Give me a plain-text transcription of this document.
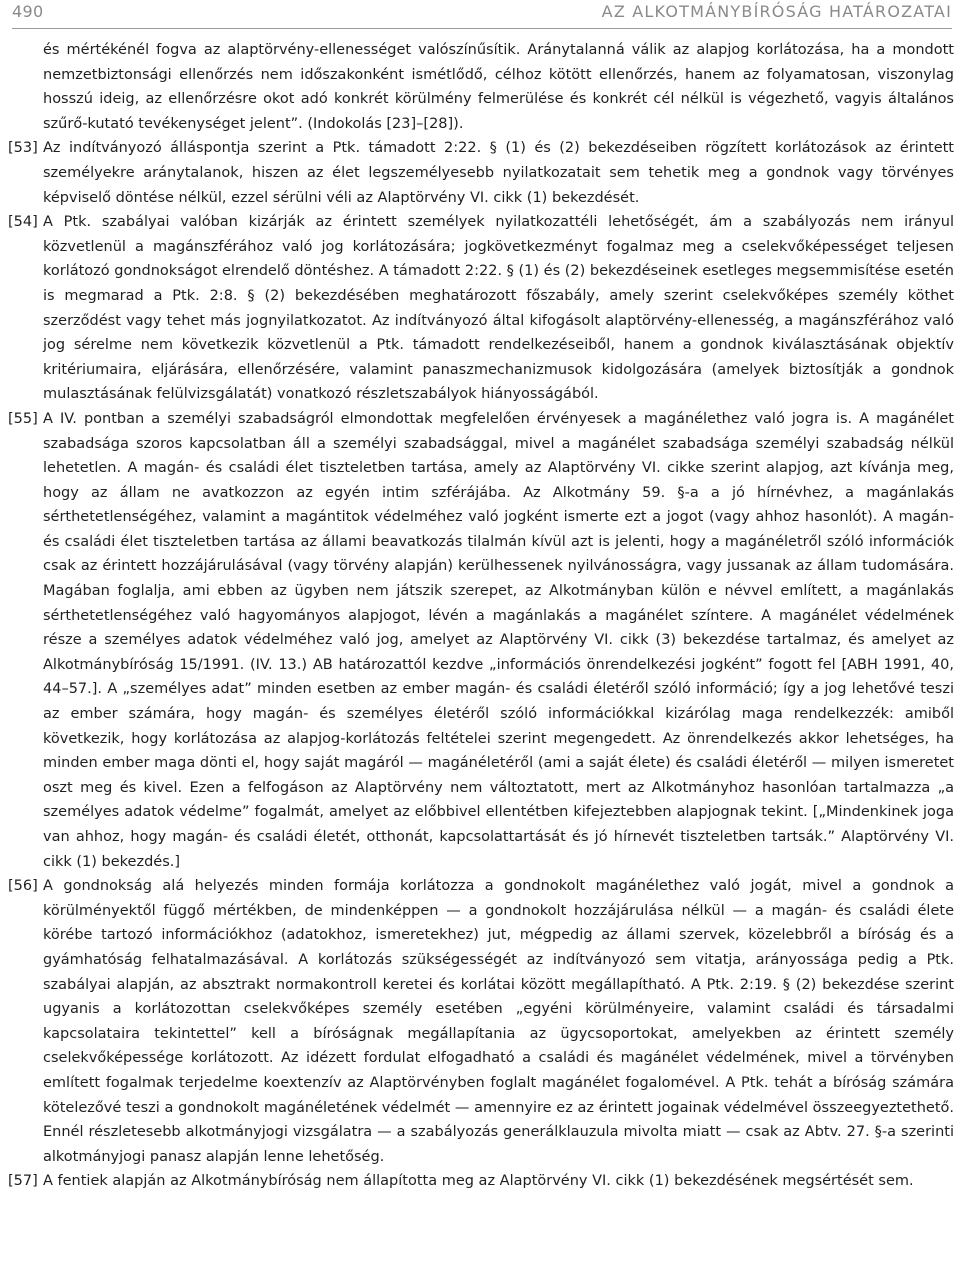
490	AZ ALKOTMÁNYBÍRÓSÁG HATÁROZATAI
és mértékénél fogva az alaptörvény-ellenességet valószínűsítik. Aránytalanná válik az alapjog korlátozása, ha a mondott nemzetbiztonsági ellenőrzés nem időszakonként ismétlődő, célhoz kötött ellenőrzés, hanem az folyamatosan, viszonylag hosszú ideig, az ellenőrzésre okot adó konkrét körülmény felmerülése és konkrét cél nélkül is végezhető, vagyis általános szűrő-kutató tevékenységet jelent”. (Indokolás [23]–[28]).
[53] Az indítványozó álláspontja szerint a Ptk. támadott 2:22. § (1) és (2) bekezdéseiben rögzített korlátozások az érintett személyekre aránytalanok, hiszen az élet legszemélyesebb nyilatkozatait sem tehetik meg a gondnok vagy törvényes képviselő döntése nélkül, ezzel sérülni véli az Alaptörvény VI. cikk (1) bekezdését.
[54] A Ptk. szabályai valóban kizárják az érintett személyek nyilatkozattéli lehetőségét, ám a szabályozás nem irányul közvetlenül a magánszférához való jog korlátozására; jogkövetkezményt fogalmaz meg a cselekvőképességet teljesen korlátozó gondnokságot elrendelő döntéshez. A támadott 2:22. § (1) és (2) bekezdéseinek esetleges megsemmisítése esetén is megmarad a Ptk. 2:8. § (2) bekezdésében meghatározott főszabály, amely szerint cselekvőképes személy köthet szerződést vagy tehet más jognyilatkozatot. Az indítványozó által kifogásolt alaptörvény-ellenesség, a magánszférához való jog sérelme nem következik közvetlenül a Ptk. támadott rendelkezéseiből, hanem a gondnok kiválasztásának objektív kritériumaira, eljárására, ellenőrzésére, valamint panaszmechanizmusok kidolgozására (amelyek biztosítják a gondnok mulasztásának felülvizsgálatát) vonatkozó részletszabályok hiányosságából.
[55] A IV. pontban a személyi szabadságról elmondottak megfelelően érvényesek a magánélethez való jogra is. A magánélet szabadsága szoros kapcsolatban áll a személyi szabadsággal, mivel a magánélet szabadsága személyi szabadság nélkül lehetetlen. A magán- és családi élet tiszteletben tartása, amely az Alaptörvény VI. cikke szerint alapjog, azt kívánja meg, hogy az állam ne avatkozzon az egyén intim szférájába. Az Alkotmány 59. §-a a jó hírnévhez, a magánlakás sérthetetlenségéhez, valamint a magántitok védelméhez való jogként ismerte ezt a jogot (vagy ahhoz hasonlót). A magán- és családi élet tiszteletben tartása az állami beavatkozás tilalmán kívül azt is jelenti, hogy a magánéletről szóló információk csak az érintett hozzájárulásával (vagy törvény alapján) kerülhessenek nyilvánosságra, vagy jussanak az állam tudomására. Magában foglalja, ami ebben az ügyben nem játszik szerepet, az Alkotmányban külön e névvel említett, a magánlakás sérthetetlenségéhez való hagyományos alapjogot, lévén a magánlakás a magánélet színtere. A magánélet védelmének része a személyes adatok védelméhez való jog, amelyet az Alaptörvény VI. cikk (3) bekezdése tartalmaz, és amelyet az Alkotmánybíróság 15/1991. (IV. 13.) AB határozattól kezdve „információs önrendelkezési jogként” fogott fel [ABH 1991, 40, 44–57.]. A „személyes adat” minden esetben az ember magán- és családi életéről szóló információ; így a jog lehetővé teszi az ember számára, hogy magán- és személyes életéről szóló információkkal kizárólag maga rendelkezzék: amiből következik, hogy korlátozása az alapjog-korlátozás feltételei szerint megengedett. Az önrendelkezés akkor lehetséges, ha minden ember maga dönti el, hogy saját magáról — magánéletéről (ami a saját élete) és családi életéről — milyen ismeretet oszt meg és kivel. Ezen a felfogáson az Alaptörvény nem változtatott, mert az Alkotmányhoz hasonlóan tartalmazza „a személyes adatok védelme” fogalmát, amelyet az előbbivel ellentétben kifejeztebben alapjognak tekint. [„Mindenkinek joga van ahhoz, hogy magán- és családi életét, otthonát, kapcsolattartását és jó hírnevét tiszteletben tartsák.” Alaptörvény VI. cikk (1) bekezdés.]
[56] A gondnokság alá helyezés minden formája korlátozza a gondnokolt magánélethez való jogát, mivel a gondnok a körülményektől függő mértékben, de mindenképpen — a gondnokolt hozzájárulása nélkül — a magán- és családi élete körébe tartozó információkhoz (adatokhoz, ismeretekhez) jut, mégpedig az állami szervek, közelebbről a bíróság és a gyámhatóság felhatalmazásával. A korlátozás szükségességét az indítványozó sem vitatja, arányossága pedig a Ptk. szabályai alapján, az absztrakt normakontroll keretei és korlátai között megállapítható. A Ptk. 2:19. § (2) bekezdése szerint ugyanis a korlátozottan cselekvőképes személy esetében „egyéni körülményeire, valamint családi és társadalmi kapcsolataira tekintettel” kell a bíróságnak megállapítania az ügycsoportokat, amelyekben az érintett személy cselekvőképessége korlátozott. Az idézett fordulat elfogadható a családi és magánélet védelmének, mivel a törvényben említett fogalmak terjedelme koextenzív az Alaptörvényben foglalt magánélet fogalomével. A Ptk. tehát a bíróság számára kötelezővé teszi a gondnokolt magánéletének védelmét — amennyire ez az érintett jogainak védelmével összeegyeztethető. Ennél részletesebb alkotmányjogi vizsgálatra — a szabályozás generálklauzula mivolta miatt — csak az Abtv. 27. §-a szerinti alkotmányjogi panasz alapján lenne lehetőség.
[57] A fentiek alapján az Alkotmánybíróság nem állapította meg az Alaptörvény VI. cikk (1) bekezdésének megsértését sem.
